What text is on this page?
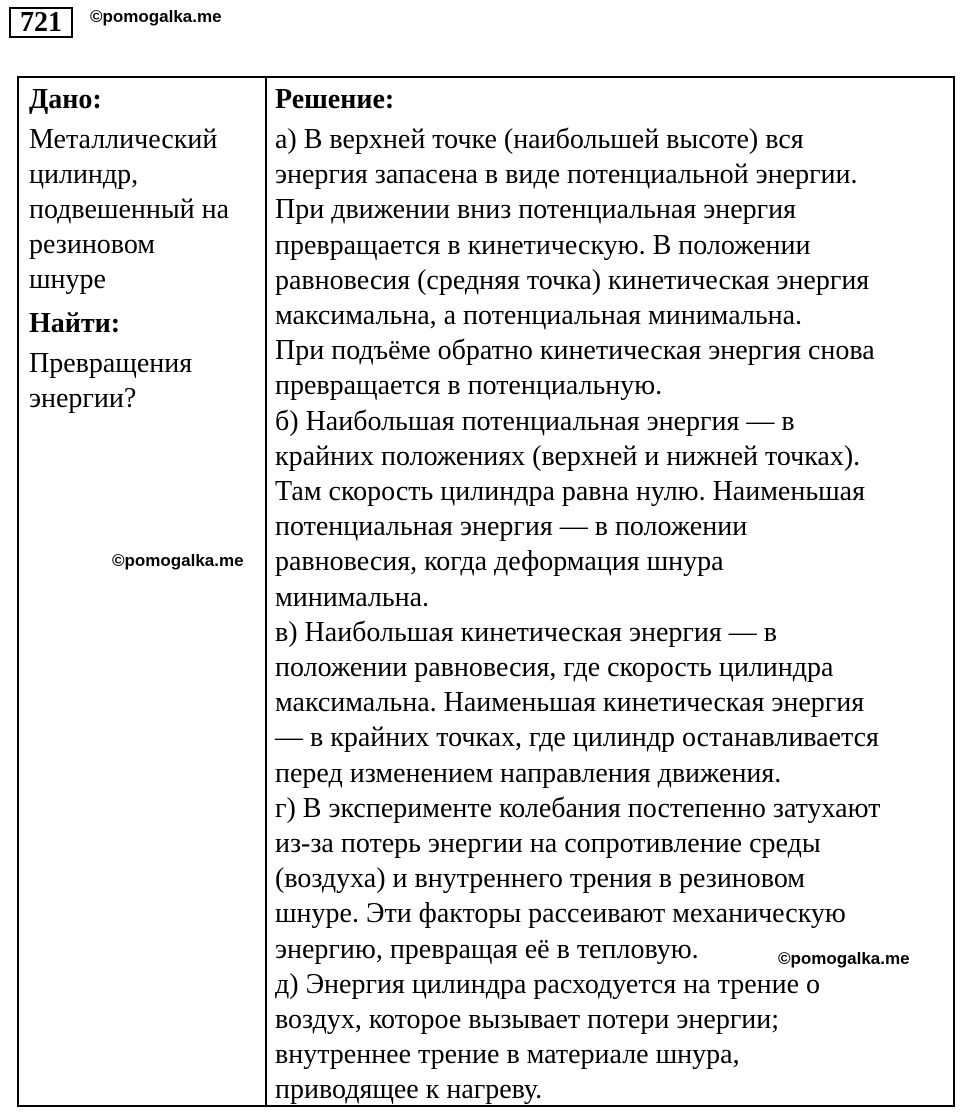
721	©pomogalka.me

Дано:

Металлический
цилиндр,
подвешенный на
резиновом
шнуре

Найти:

Превращения
энергии?

Решение:

а) В верхней точке (наибольшей высоте) вся
энергия запасена в виде потенциальной энергии.
При движении вниз потенциальная энергия
превращается в кинетическую. В положении
равновесия (средняя точка) кинетическая энергия
максимальна, а потенциальная минимальна.
При подъёме обратно кинетическая энергия снова
превращается в потенциальную.
б) Наибольшая потенциальная энергия — в
крайних положениях (верхней и нижней точках).
Там скорость цилиндра равна нулю. Наименьшая
потенциальная энергия — в положении
равновесия, когда деформация шнура
минимальна.
в) Наибольшая кинетическая энергия — в
положении равновесия, где скорость цилиндра
максимальна. Наименьшая кинетическая энергия
— в крайних точках, где цилиндр останавливается
перед изменением направления движения.
г) В эксперименте колебания постепенно затухают
из-за потерь энергии на сопротивление среды
(воздуха) и внутреннего трения в резиновом
шнуре. Эти факторы рассеивают механическую
энергию, превращая её в тепловую.
д) Энергия цилиндра расходуется на трение о
воздух, которое вызывает потери энергии;
внутреннее трение в материале шнура,
приводящее к нагреву.

©pomogalka.me
©pomogalka.me
